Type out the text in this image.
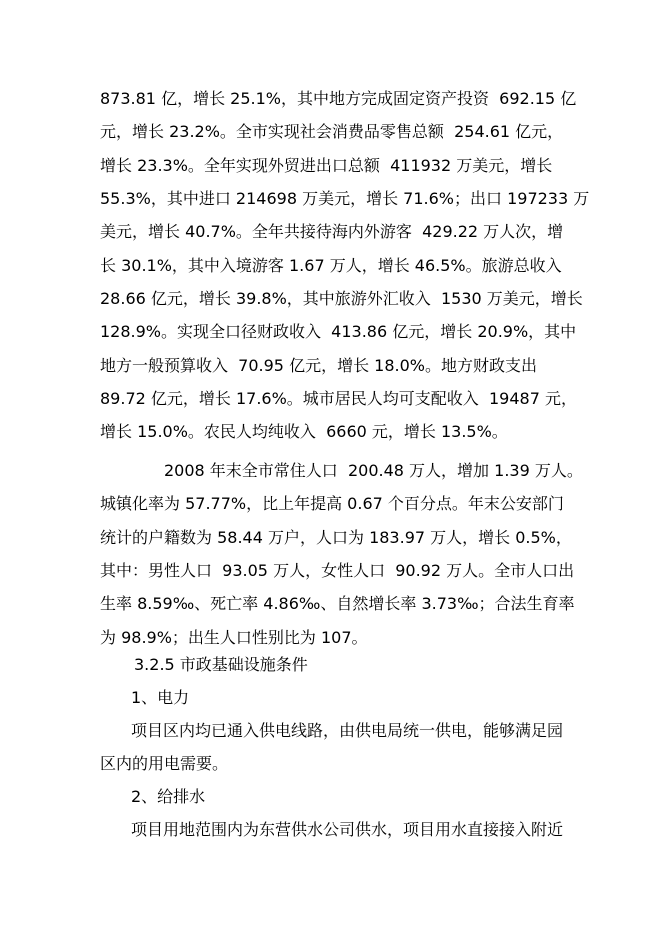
873.81 亿，增长 25.1%，其中地方完成固定资产投资  692.15 亿
元，增长 23.2%。全市实现社会消费品零售总额  254.61 亿元，
增长 23.3%。全年实现外贸进出口总额  411932 万美元，增长
55.3%，其中进口 214698 万美元，增长 71.6%；出口 197233 万
美元，增长 40.7%。全年共接待海内外游客  429.22 万人次，增
长 30.1%，其中入境游客 1.67 万人，增长 46.5%。旅游总收入
28.66 亿元，增长 39.8%，其中旅游外汇收入  1530 万美元，增长
128.9%。实现全口径财政收入  413.86 亿元，增长 20.9%，其中
地方一般预算收入  70.95 亿元，增长 18.0%。地方财政支出
89.72 亿元，增长 17.6%。城市居民人均可支配收入  19487 元，
增长 15.0%。农民人均纯收入  6660 元，增长 13.5%。
2008 年末全市常住人口  200.48 万人，增加 1.39 万人。
城镇化率为 57.77%，比上年提高 0.67 个百分点。年末公安部门
统计的户籍数为 58.44 万户，人口为 183.97 万人，增长 0.5%，
其中：男性人口  93.05 万人，女性人口  90.92 万人。全市人口出
生率 8.59‰、死亡率 4.86‰、自然增长率 3.73‰；合法生育率
为 98.9%；出生人口性别比为 107。
3.2.5 市政基础设施条件
1、电力
项目区内均已通入供电线路，由供电局统一供电，能够满足园
区内的用电需要。
2、给排水
项目用地范围内为东营供水公司供水，项目用水直接接入附近
